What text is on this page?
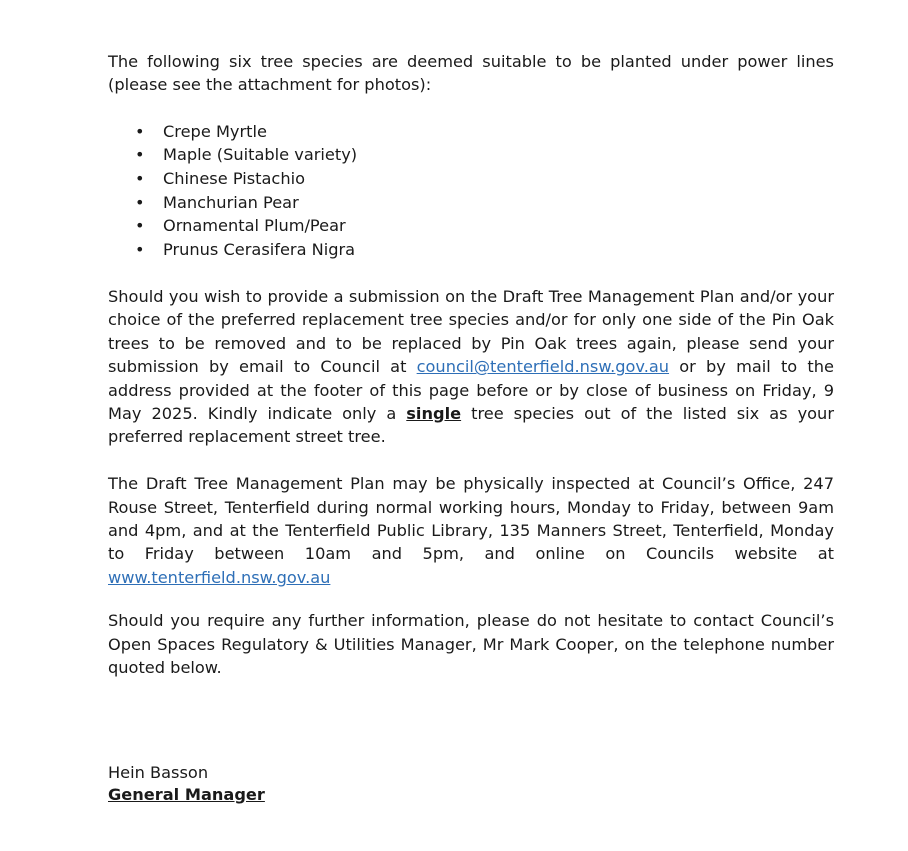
The following six tree species are deemed suitable to be planted under power lines (please see the attachment for photos):

• Crepe Myrtle
• Maple (Suitable variety)
• Chinese Pistachio
• Manchurian Pear
• Ornamental Plum/Pear
• Prunus Cerasifera Nigra

Should you wish to provide a submission on the Draft Tree Management Plan and/or your choice of the preferred replacement tree species and/or for only one side of the Pin Oak trees to be removed and to be replaced by Pin Oak trees again, please send your submission by email to Council at council@tenterfield.nsw.gov.au or by mail to the address provided at the footer of this page before or by close of business on Friday, 9 May 2025. Kindly indicate only a single tree species out of the listed six as your preferred replacement street tree.

The Draft Tree Management Plan may be physically inspected at Council’s Office, 247 Rouse Street, Tenterfield during normal working hours, Monday to Friday, between 9am and 4pm, and at the Tenterfield Public Library, 135 Manners Street, Tenterfield, Monday to Friday between 10am and 5pm, and online on Councils website at www.tenterfield.nsw.gov.au

Should you require any further information, please do not hesitate to contact Council’s Open Spaces Regulatory & Utilities Manager, Mr Mark Cooper, on the telephone number quoted below.

Hein Basson
General Manager
